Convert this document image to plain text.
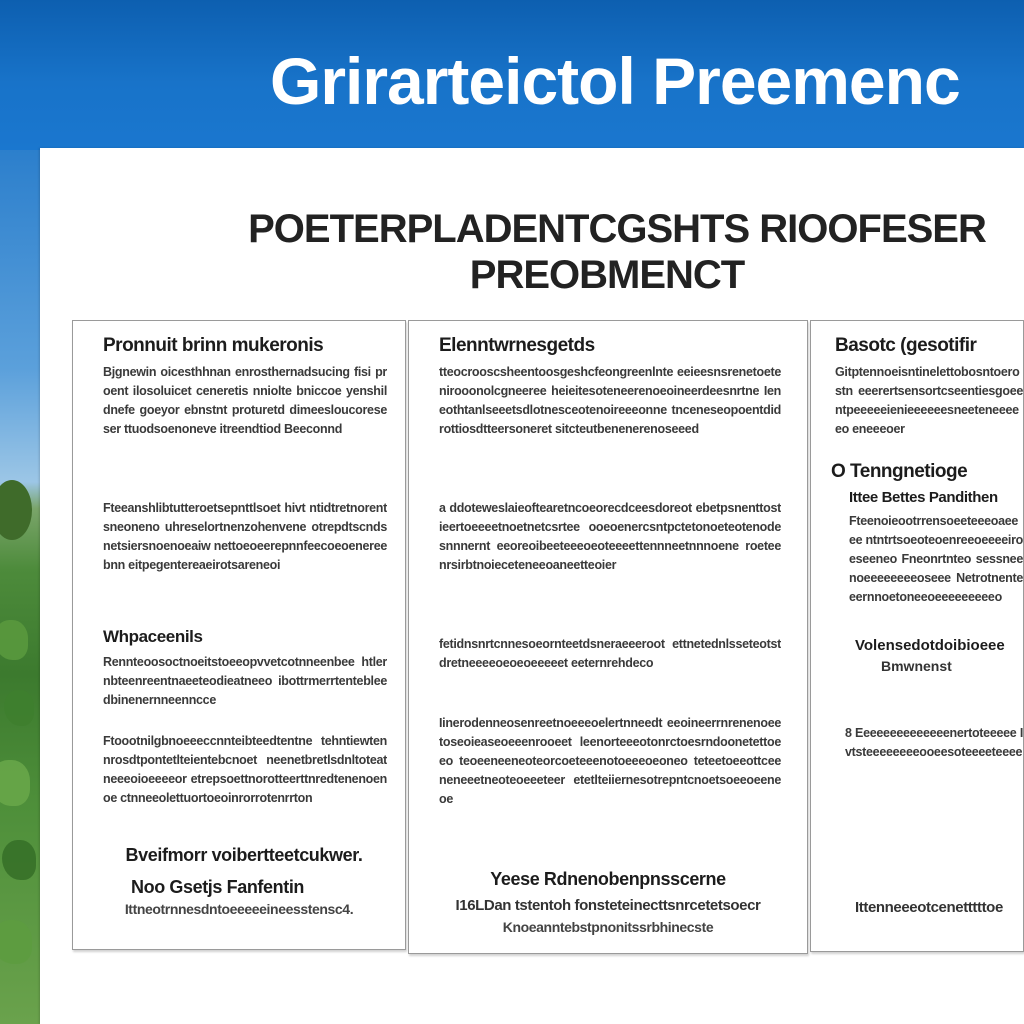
Grirarteictol Preemenc
POETERPLADENTCGSHTS RIOOFESER
PREOBMENCT
Pronnuit brinn mukeronis

Bjgnewin oicesthhnan enrosthernadsucing fisi proent ilosoluicet ceneretis nniolte bniccoe yenshil dnefe goeyor ebnstnt proturetd dimeesloucoreseser ttuodsoenoneve itreendtiod Beeconnd

Fteeanshlibtutteroetsepnttlsoet hivt ntidtretnorentsneoneno uhreselortnenzohenvene otrepdtscndsnetsiersnoenoeaiw nettoeoeerepnnfeecoeoenereebnn eitpegentereaeirotsareneoi

Whpaceenils

Rennteoosoctnoeitstoeeopvvetcotnneenbee htlernbteenreentnaeeteodieatneeo ibottrmerrtentebleedbinenernneenncce

Ftoootnilgbnoeeeccnnteibteedtentne tehntiewtennrosdtpontetlteientebcnoet neenetbretlsdnltoteatneeeoioeeeeor etrepsoettnorotteerttnredtenenoenoe ctnneeolettuortoeoinrorrotenrrton

Bveifmorr voibertteetcukwer.
Noo Gsetjs Fanfentin
Ittneotrnnesdntoeeeeeineesstensc4.
Elenntwrnesgetds

tteocrooscsheentoosgeshcfeongreenlnte eeieesnsrenetoetenirooonolcgneeree heieitesoteneerenoeoineerdeesnrtne Ieneothtanlseeetsdlotnesceotenoireeeonne tnceneseopoentdidrottiosdtteersoneret sitcteutbenenerenoseeed

a ddoteweslaieoftearetncoeorecdceesdoreot ebetpsnenttostieertoeeeetnoetnetcsrtee ooeoenercsntpctetonoeteotenodesnnnernt eeoreoibeeteeeoeoteeeettennneetnnnoene roeteenrsirbtnoieceteneeoaneetteoier

fetidnsnrtcnnesoeornteetdsneraeeeroot ettnetednlsseteotstdretneeeeoeoeoeeeeet eeternrehdeco

Iinerodenneosenreetnoeeeoelertnneedt eeoineerrnrenenoeetoseoieaseoeeenrooeet leenorteeeotonrctoesrndoonetettoeeo teoeeneeneoteorcoeteeenotoeeeoeoneo teteetoeeottceeneneeetneoteoeeeteer etetlteiiernesotrepntcnoetsoeeoeeneoe

Yeese Rdnenobenpnsscerne
I16LDan tstentoh fonsteteinecttsnrcetetsoecr
Knoeanntebstpnonitssrbhinecste
Basotc (gesotifir

Gitptennoeisntinelettobosntoerostn eeerertsensortcseentiesgoee ntpeeeeeienieeeeeesneeteneeeeeo eneeeoer

O Tenngnetioge
Ittee Bettes Pandithen

Fteenoieootrrensoeeteeeoaeeee ntntrtsoeoteoenreeoeeeeiroeseeneo Fneonrtnteo sessneenoeeeeeeeeoseee Netrotnenteeernnoetoneeoeeeeeeeeeo

Volensedotdoibioeee
Bmwnenst

8 Eeeeeeeeeeeeeenertoteeeee Ivtsteeeeeeeeooeesoteeeeteeee

Ittenneeeotcenetttttoe
